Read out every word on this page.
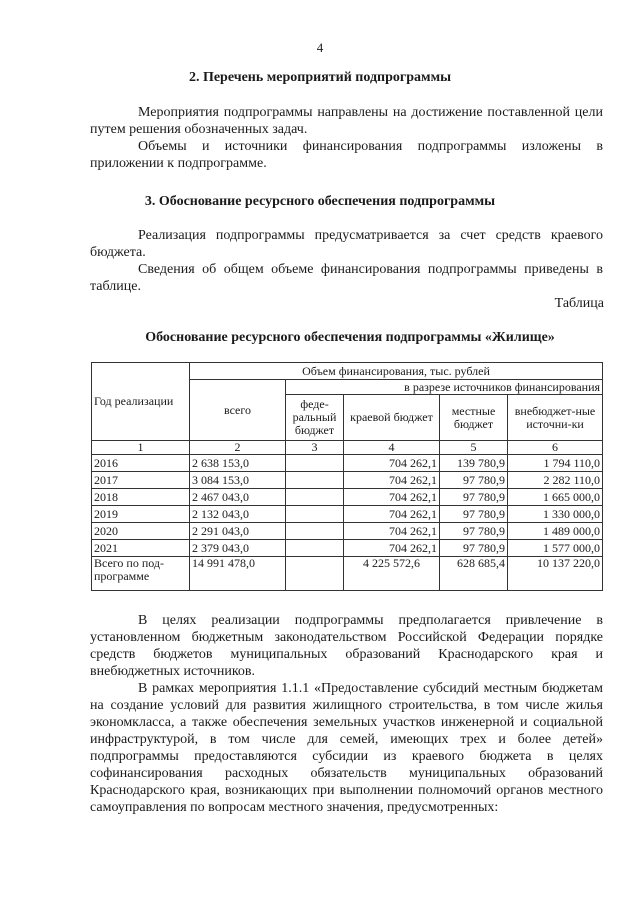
4
2. Перечень мероприятий подпрограммы

Мероприятия подпрограммы направлены на достижение поставленной цели путем решения обозначенных задач.

Объемы и источники финансирования подпрограммы изложены в приложении к подпрограмме.

3. Обоснование ресурсного обеспечения подпрограммы

Реализация подпрограммы предусматривается за счет средств краевого бюджета.

Сведения об общем объеме финансирования подпрограммы приведены в таблице.

Таблица
Обоснование ресурсного обеспечения подпрограммы «Жилище»
Год реализации	Объем финансирования, тыс. рублей				
	всего	в разрезе источников финансирования			
		феде-ральный бюджет	краевой бюджет	местные бюджет	внебюджет-ные источни-ки
1	2	3	4	5	6
2016	2 638 153,0		704 262,1	139 780,9	1 794 110,0
2017	3 084 153,0		704 262,1	97 780,9	2 282 110,0
2018	2 467 043,0		704 262,1	97 780,9	1 665 000,0
2019	2 132 043,0		704 262,1	97 780,9	1 330 000,0
2020	2 291 043,0		704 262,1	97 780,9	1 489 000,0
2021	2 379 043,0		704 262,1	97 780,9	1 577 000,0
Всего по под-программе	14 991 478,0		4 225 572,6	628 685,4	10 137 220,0

В целях реализации подпрограммы предполагается привлечение в установленном бюджетным законодательством Российской Федерации порядке средств бюджетов муниципальных образований Краснодарского края и внебюджетных источников.

В рамках мероприятия 1.1.1 «Предоставление субсидий местным бюджетам на создание условий для развития жилищного строительства, в том числе жилья экономкласса, а также обеспечения земельных участков инженерной и социальной инфраструктурой, в том числе для семей, имеющих трех и более детей» подпрограммы предоставляются субсидии из краевого бюджета в целях софинансирования расходных обязательств муниципальных образований Краснодарского края, возникающих при выполнении полномочий органов местного самоуправления по вопросам местного значения, предусмотренных:
